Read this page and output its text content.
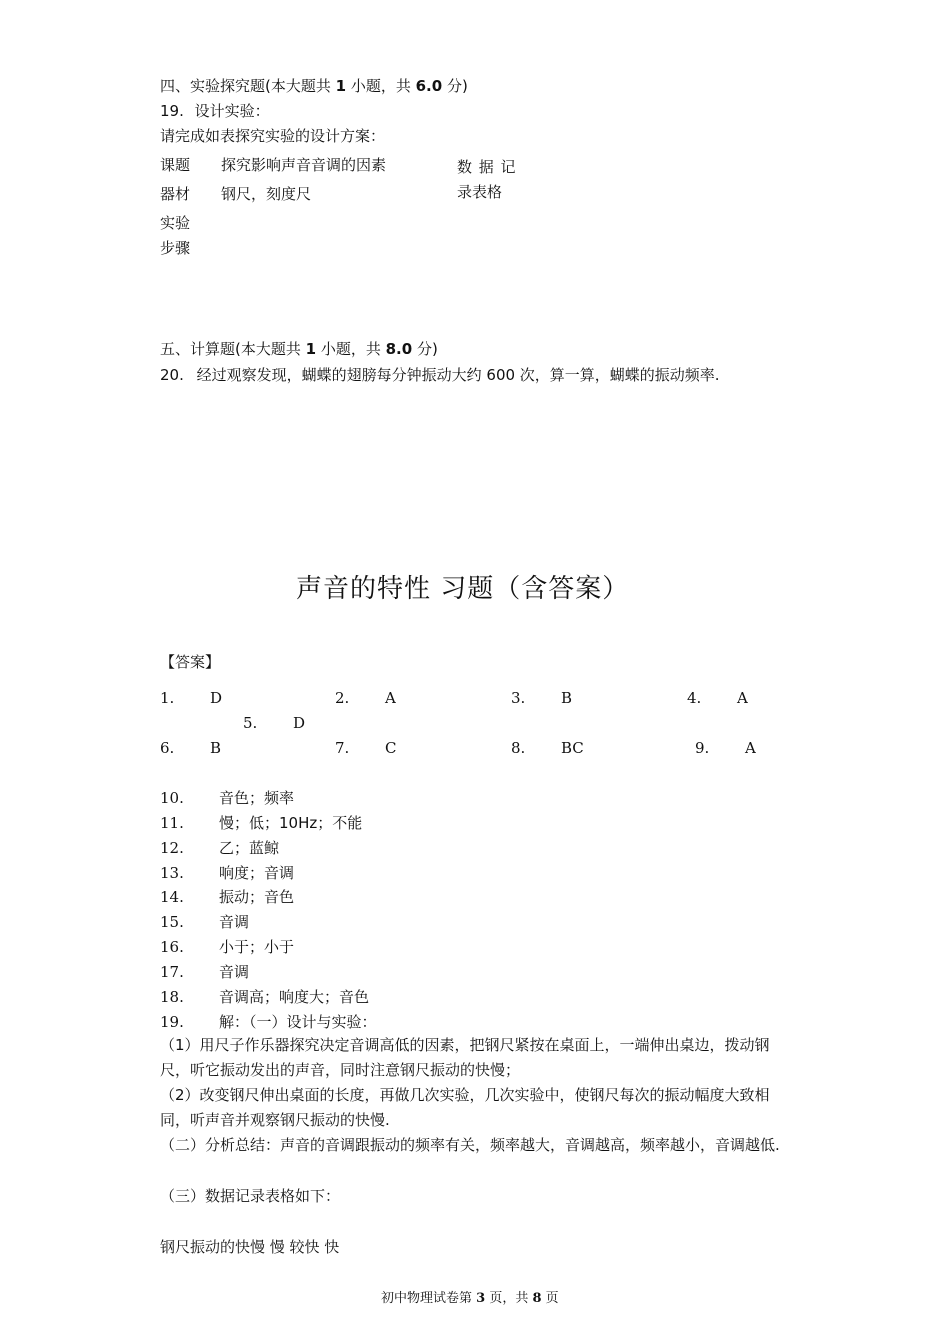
四、实验探究题(本大题共 1 小题，共 6.0 分)
19. 设计实验：
请完成如表探究实验的设计方案：
课题 探究影响声音音调的因素	数 据 记
录表格
器材 钢尺，刻度尺
实验
步骤
五、计算题(本大题共 1 小题，共 8.0 分)
20. 经过观察发现，蝴蝶的翅膀每分钟振动大约 600 次，算一算，蝴蝶的振动频率.
声音的特性 习题（含答案）
【答案】
1. D	2. A	3. B	4. A
5. D
6. B	7. C	8. BC	9. A
10. 音色；频率
11. 慢；低；10Hz；不能
12. 乙；蓝鲸
13. 响度；音调
14. 振动；音色
15. 音调
16. 小于；小于
17. 音调
18. 音调高；响度大；音色
19. 解：（一）设计与实验：
（1）用尺子作乐器探究决定音调高低的因素，把钢尺紧按在桌面上，一端伸出桌边，拨动钢尺，听它振动发出的声音，同时注意钢尺振动的快慢；
（2）改变钢尺伸出桌面的长度，再做几次实验，几次实验中，使钢尺每次的振动幅度大致相同，听声音并观察钢尺振动的快慢.
（二）分析总结：声音的音调跟振动的频率有关，频率越大，音调越高，频率越小，音调越低.
（三）数据记录表格如下：
钢尺振动的快慢 慢 较快 快
初中物理试卷第 3 页，共 8 页
